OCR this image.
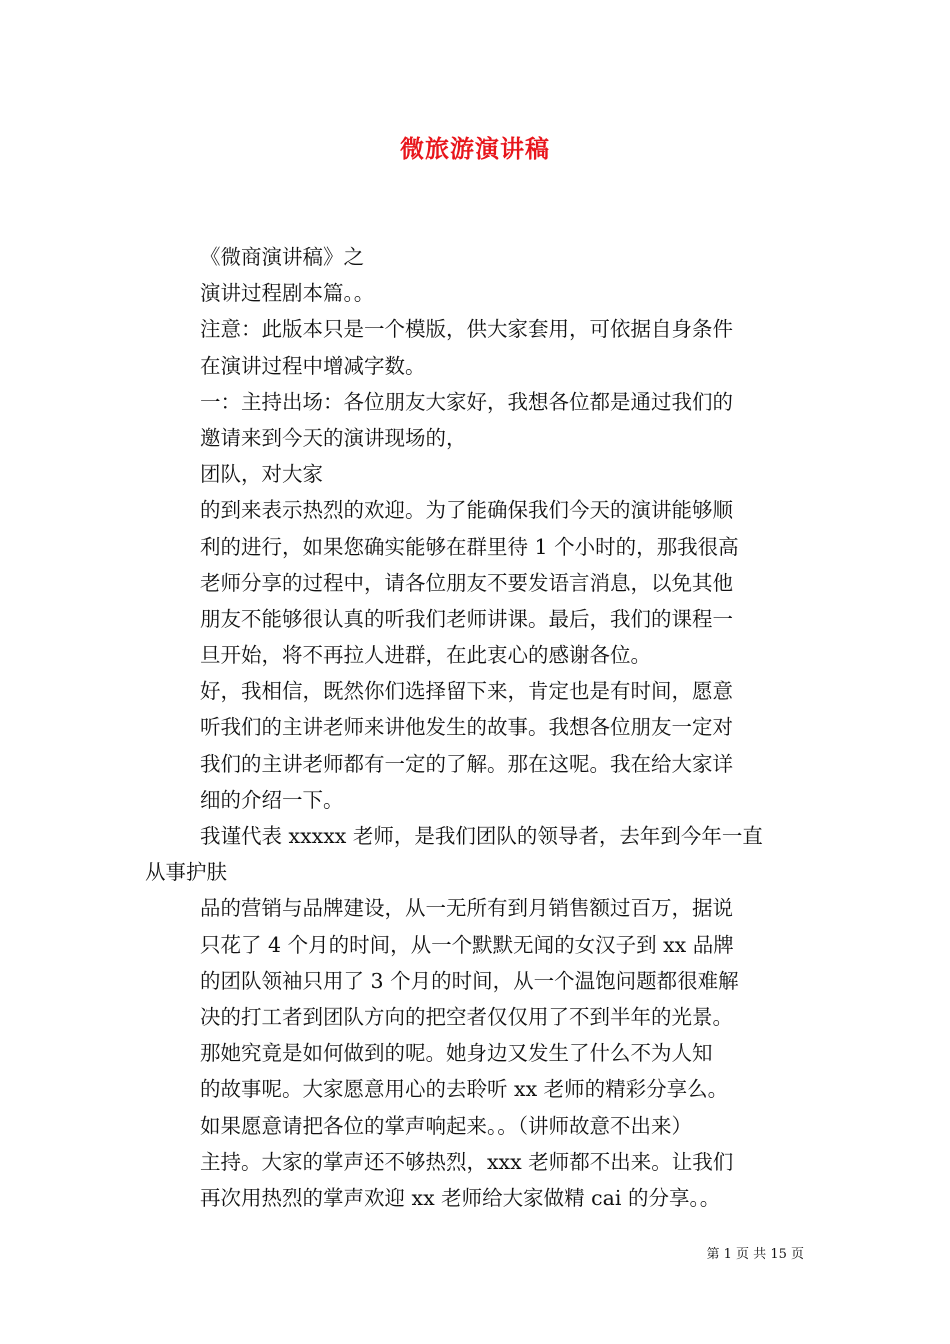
微旅游演讲稿
《微商演讲稿》之
演讲过程剧本篇。。
注意：此版本只是一个模版，供大家套用，可依据自身条件
在演讲过程中增减字数。
一：主持出场：各位朋友大家好，我想各位都是通过我们的
邀请来到今天的演讲现场的，
团队，对大家
的到来表示热烈的欢迎。为了能确保我们今天的演讲能够顺
利的进行，如果您确实能够在群里待 1 个小时的，那我很高
老师分享的过程中，请各位朋友不要发语言消息，以免其他
朋友不能够很认真的听我们老师讲课。最后，我们的课程一
旦开始，将不再拉人进群，在此衷心的感谢各位。
好，我相信，既然你们选择留下来，肯定也是有时间，愿意
听我们的主讲老师来讲他发生的故事。我想各位朋友一定对
我们的主讲老师都有一定的了解。那在这呢。我在给大家详
细的介绍一下。
我谨代表 xxxxx 老师，是我们团队的领导者，去年到今年一直
从事护肤
品的营销与品牌建设，从一无所有到月销售额过百万，据说
只花了 4 个月的时间，从一个默默无闻的女汉子到 xx 品牌
的团队领袖只用了 3 个月的时间，从一个温饱问题都很难解
决的打工者到团队方向的把空者仅仅用了不到半年的光景。
那她究竟是如何做到的呢。她身边又发生了什么不为人知
的故事呢。大家愿意用心的去聆听 xx 老师的精彩分享么。
如果愿意请把各位的掌声响起来。。（讲师故意不出来）
主持。大家的掌声还不够热烈，xxx 老师都不出来。让我们
再次用热烈的掌声欢迎 xx 老师给大家做精 cai 的分享。。
第 1 页 共 15 页
